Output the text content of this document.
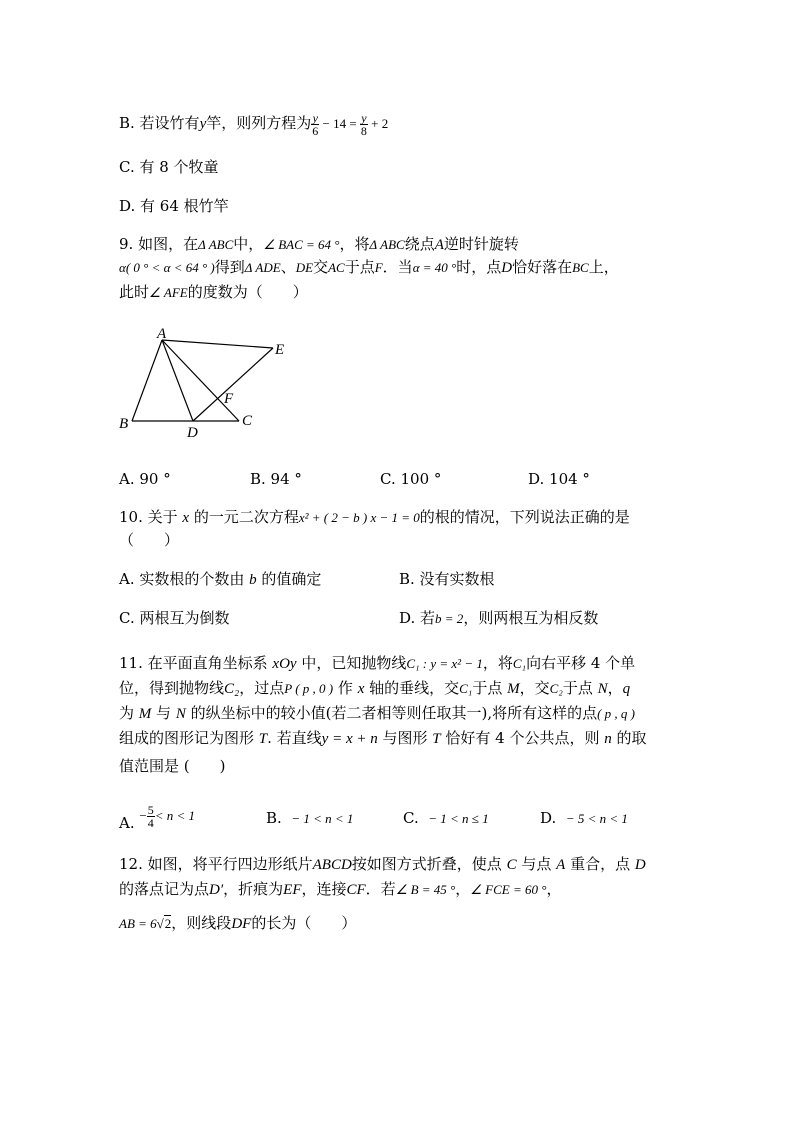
B. 若设竹有y竿，则列方程为 $\frac{y}{6} - 14 = \frac{y}{8} + 2$
C. 有 8 个牧童
D. 有 64 根竹竿
9. 如图，在Δ ABC中，∠ BAC = 64 °，将Δ ABC绕点A逆时针旋转
α( 0 ° < α < 64 ° )得到Δ ADE、DE交AC于点F．当α = 40 °时，点D恰好落在BC上，
此时∠ AFE的度数为（　　）
A
B	C
D
E
F
A. 90 °	B. 94 °	C. 100 °	D. 104 °
10. 关于 x 的一元二次方程x² + ( 2 − b ) x − 1 = 0的根的情况，下列说法正确的是
（　　）
A. 实数根的个数由 b 的值确定	B. 没有实数根
C. 两根互为倒数	D. 若b = 2，则两根互为相反数
11. 在平面直角坐标系 xOy 中，已知抛物线C₁ : y = x² − 1，将C₁向右平移 4 个单
位，得到抛物线C₂，过点P ( p , 0 ) 作 x 轴的垂线，交C₁于点 M，交C₂于点 N，q
为 M 与 N 的纵坐标中的较小值(若二者相等则任取其一),将所有这样的点( p , q )
组成的图形记为图形 T. 若直线y = x + n 与图形 T 恰好有 4 个公共点，则 n 的取
值范围是 (　　)
A. − $\frac{5}{4} < n < 1$	B. − 1 < n < 1	C. − 1 < n ≤ 1	D. − 5 < n < 1
12. 如图，将平行四边形纸片ABCD按如图方式折叠，使点 C 与点 A 重合，点 D
的落点记为点D′，折痕为EF，连接CF．若∠ B = 45 °，∠ FCE = 60 °，
AB = 6√2，则线段DF的长为（　　）
